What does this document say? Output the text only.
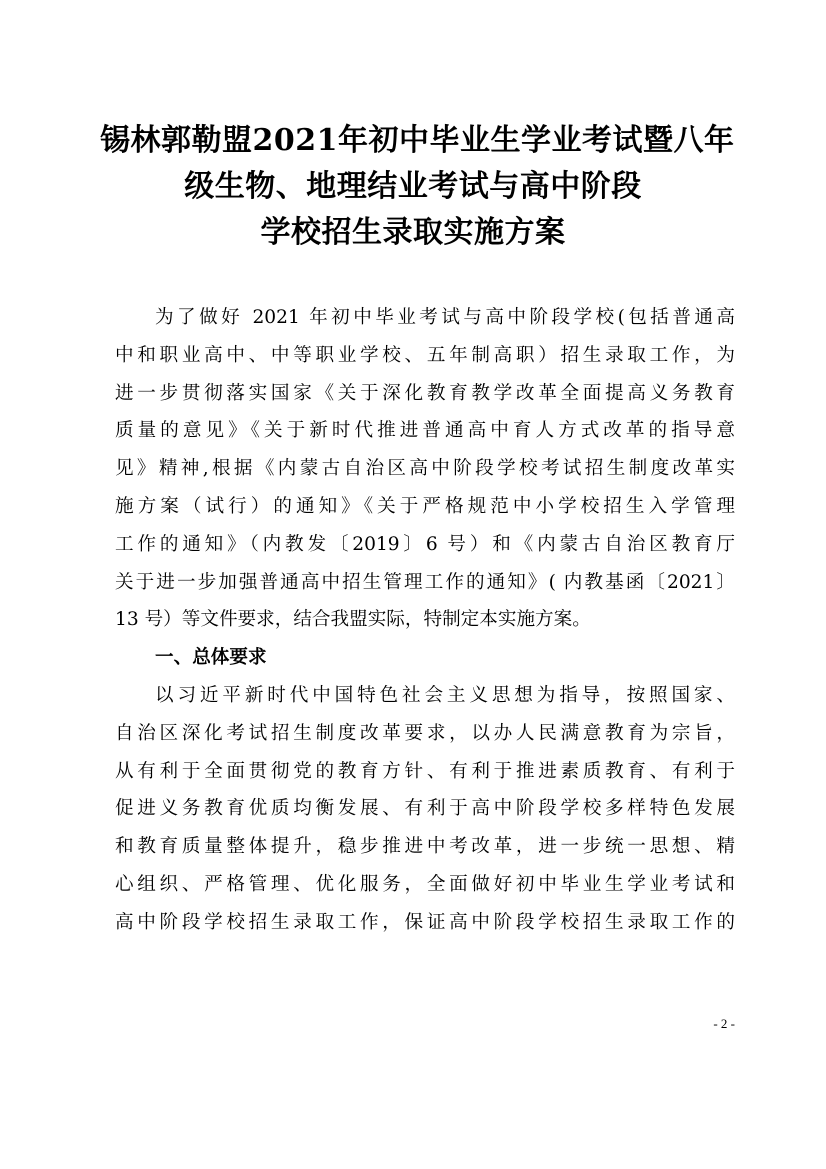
锡林郭勒盟2021年初中毕业生学业考试暨八年
级生物、地理结业考试与高中阶段
学校招生录取实施方案
为了做好 2021 年初中毕业考试与高中阶段学校(包括普通高
中和职业高中、中等职业学校、五年制高职）招生录取工作，为
进一步贯彻落实国家《关于深化教育教学改革全面提高义务教育
质量的意见》《关于新时代推进普通高中育人方式改革的指导意
见》精神,根据《内蒙古自治区高中阶段学校考试招生制度改革实
施方案（试行）的通知》《关于严格规范中小学校招生入学管理
工作的通知》（内教发〔2019〕6 号）和《内蒙古自治区教育厅
关于进一步加强普通高中招生管理工作的通知》( 内教基函〔2021〕
13 号）等文件要求，结合我盟实际，特制定本实施方案。
一、总体要求
以习近平新时代中国特色社会主义思想为指导，按照国家、
自治区深化考试招生制度改革要求，以办人民满意教育为宗旨，
从有利于全面贯彻党的教育方针、有利于推进素质教育、有利于
促进义务教育优质均衡发展、有利于高中阶段学校多样特色发展
和教育质量整体提升，稳步推进中考改革，进一步统一思想、精
心组织、严格管理、优化服务，全面做好初中毕业生学业考试和
高中阶段学校招生录取工作，保证高中阶段学校招生录取工作的
- 2 -
